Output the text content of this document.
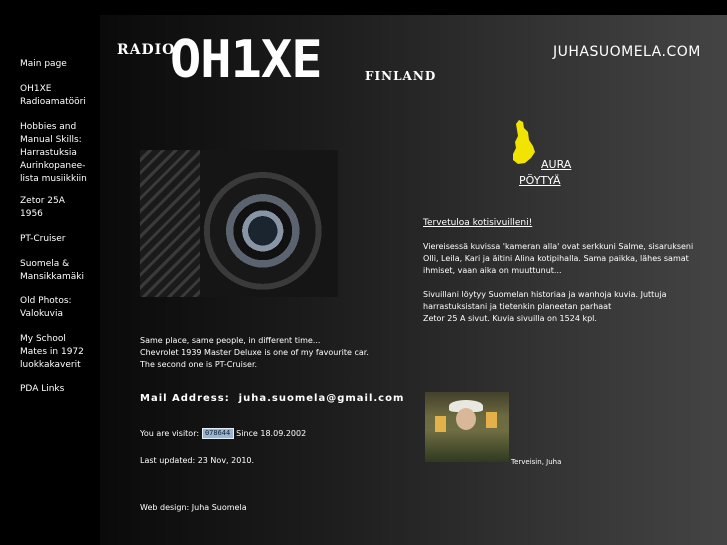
Main page
OH1XE
Radioamatööri
Hobbies and
Manual Skills:
Harrastuksia
Aurinkopanee-
lista musiikkiin
Zetor 25A
1956
PT-Cruiser
Suomela &
Mansikkamäki
Old Photos:
Valokuvia
My School
Mates in 1972
luokkakaverit
PDA Links
RADIO
OH1XE	FINLAND
JUHASUOMELA.COM
AURA
PÖYTYÄ
Tervetuloa kotisivuilleni!
Viereisessä kuvissa 'kameran alla' ovat serkkuni Salme, sisarukseni
Olli, Leila, Kari ja äitini Alina kotipihalla. Sama paikka, lähes samat
ihmiset, vaan aika on muuttunut...
Sivuillani löytyy Suomelan historiaa ja wanhoja kuvia. Juttuja
harrastuksistani ja tietenkin planeetan parhaat
Zetor 25 A sivut. Kuvia sivuilla on 1524 kpl.
Same place, same people, in different time...
Chevrolet 1939 Master Deluxe is one of my favourite car.
The second one is PT-Cruiser.
Mail Address:  juha.suomela@gmail.com
You are visitor: 078644 Since 18.09.2002
Last updated: 23 Nov, 2010.
Web design: Juha Suomela
Terveisin, Juha
